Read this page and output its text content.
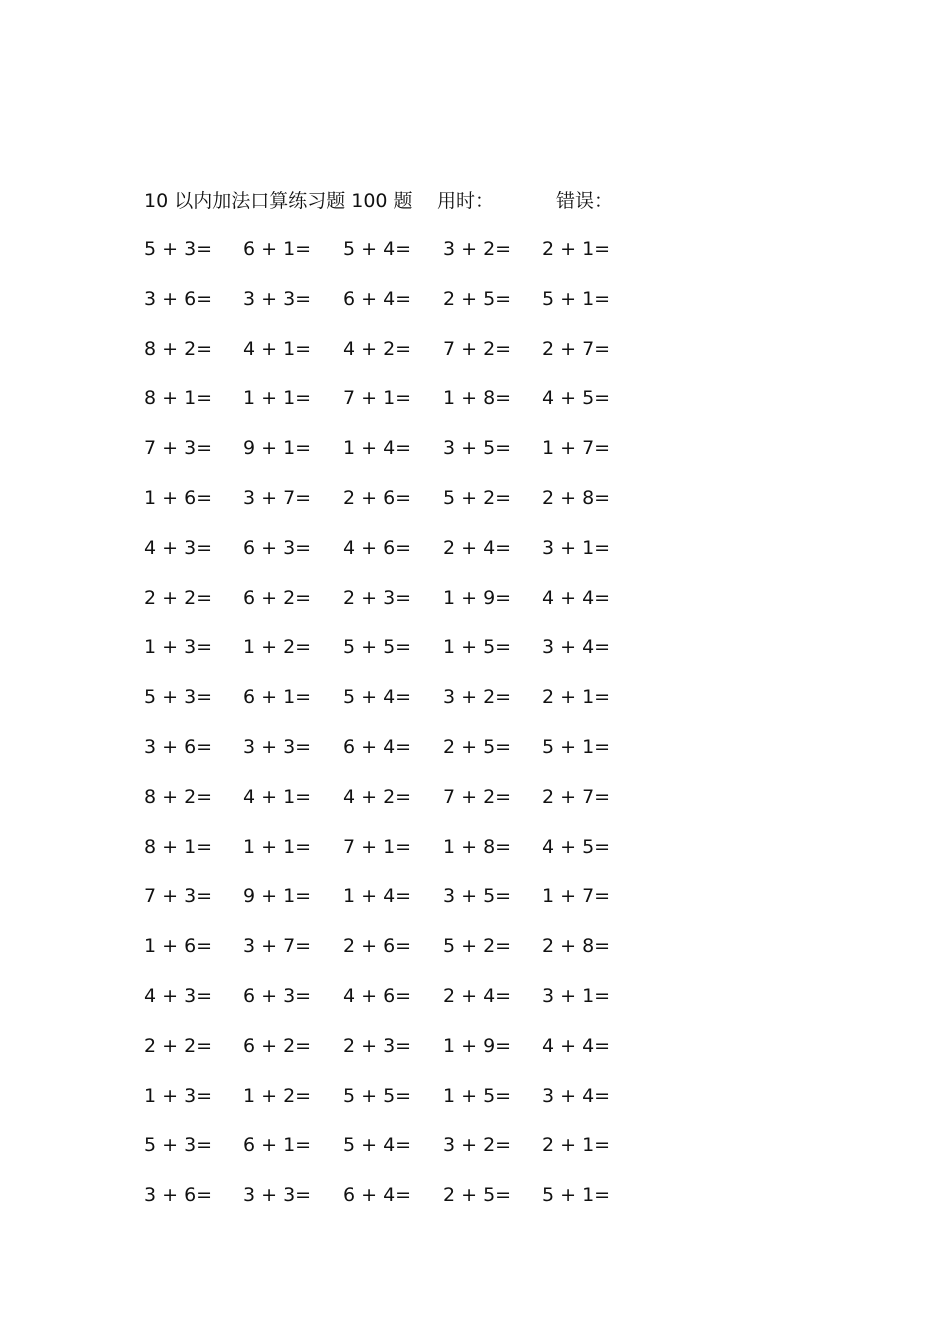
10 以内加法口算练习题 100 题 用时：	错误：
5 + 3= 6 + 1= 5 + 4= 3 + 2= 2 + 1=
3 + 6= 3 + 3= 6 + 4= 2 + 5= 5 + 1=
8 + 2= 4 + 1= 4 + 2= 7 + 2= 2 + 7=
8 + 1= 1 + 1= 7 + 1= 1 + 8= 4 + 5=
7 + 3= 9 + 1= 1 + 4= 3 + 5= 1 + 7=
1 + 6= 3 + 7= 2 + 6= 5 + 2= 2 + 8=
4 + 3= 6 + 3= 4 + 6= 2 + 4= 3 + 1=
2 + 2= 6 + 2= 2 + 3= 1 + 9= 4 + 4=
1 + 3= 1 + 2= 5 + 5= 1 + 5= 3 + 4=
5 + 3= 6 + 1= 5 + 4= 3 + 2= 2 + 1=
3 + 6= 3 + 3= 6 + 4= 2 + 5= 5 + 1=
8 + 2= 4 + 1= 4 + 2= 7 + 2= 2 + 7=
8 + 1= 1 + 1= 7 + 1= 1 + 8= 4 + 5=
7 + 3= 9 + 1= 1 + 4= 3 + 5= 1 + 7=
1 + 6= 3 + 7= 2 + 6= 5 + 2= 2 + 8=
4 + 3= 6 + 3= 4 + 6= 2 + 4= 3 + 1=
2 + 2= 6 + 2= 2 + 3= 1 + 9= 4 + 4=
1 + 3= 1 + 2= 5 + 5= 1 + 5= 3 + 4=
5 + 3= 6 + 1= 5 + 4= 3 + 2= 2 + 1=
3 + 6= 3 + 3= 6 + 4= 2 + 5= 5 + 1=
